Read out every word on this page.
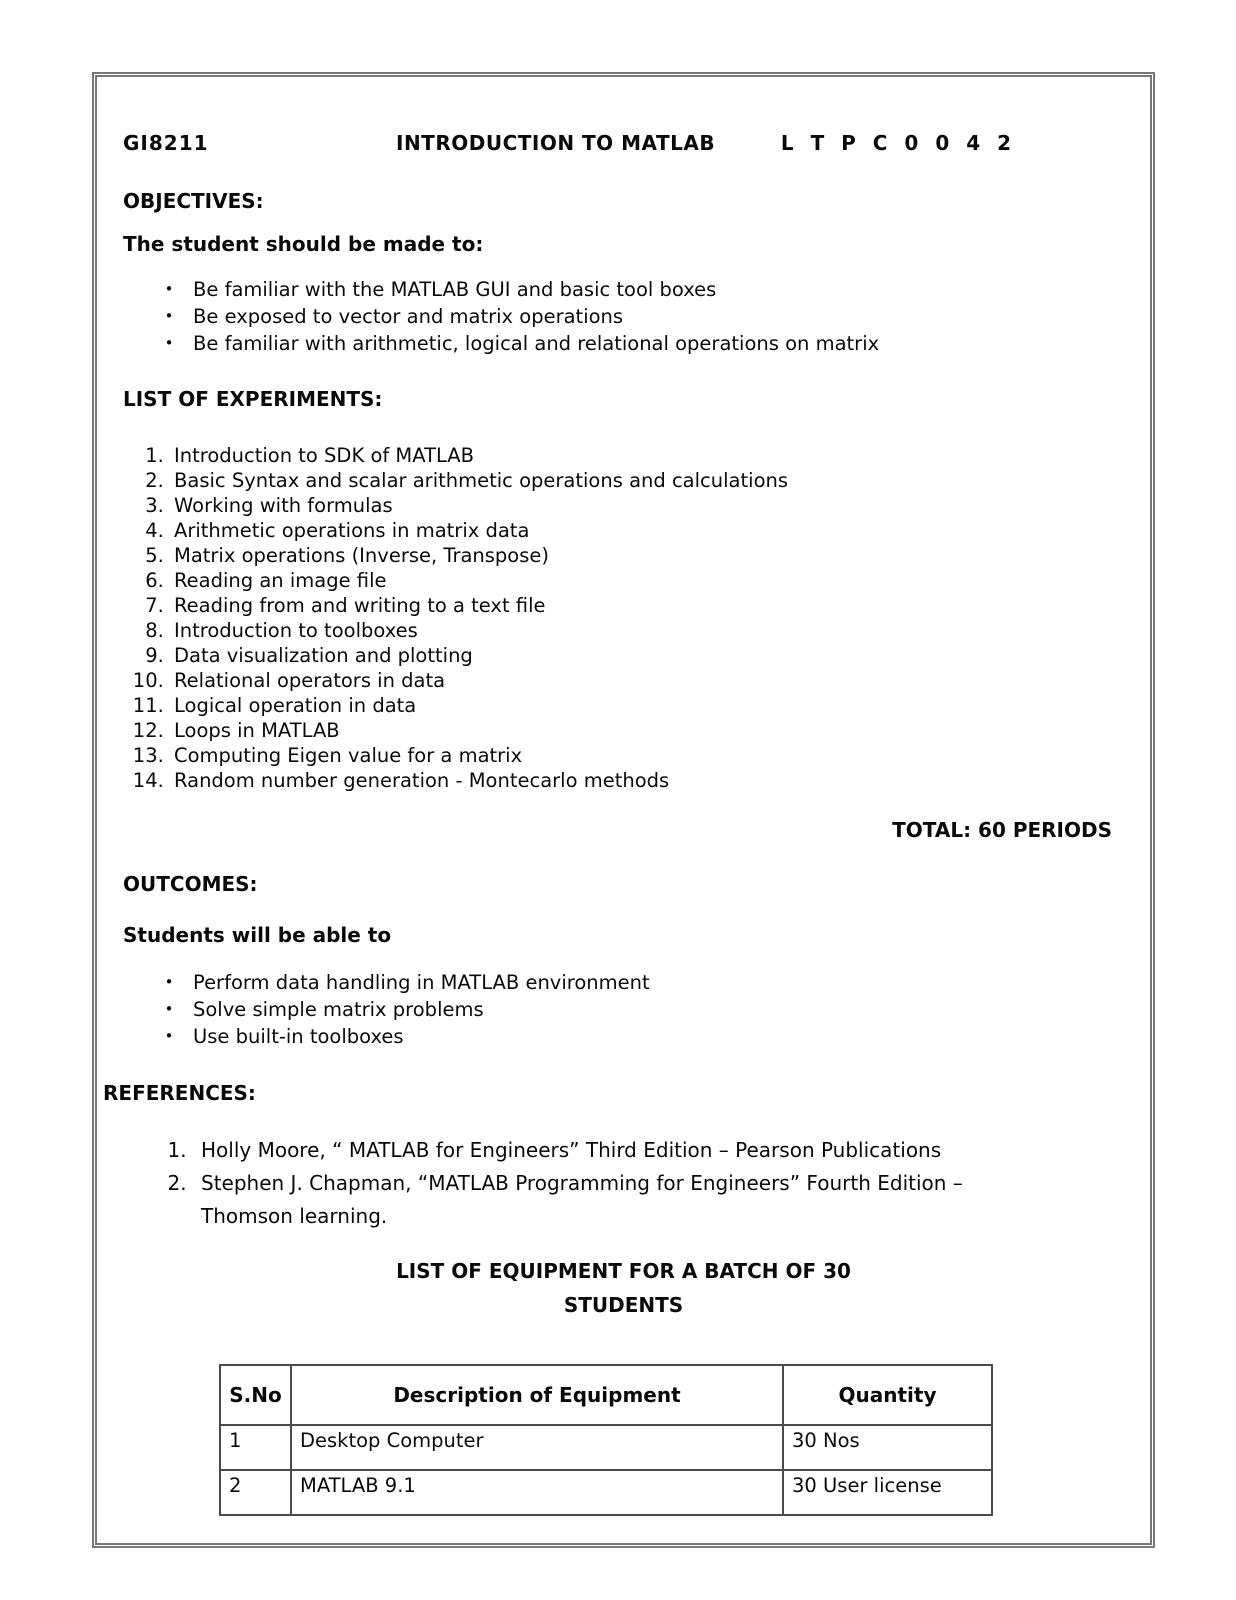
GI8211	INTRODUCTION TO MATLAB	L T P C 0 0 4 2
OBJECTIVES:
The student should be made to:
• Be familiar with the MATLAB GUI and basic tool boxes
• Be exposed to vector and matrix operations
• Be familiar with arithmetic, logical and relational operations on matrix
LIST OF EXPERIMENTS:
1. Introduction to SDK of MATLAB
2. Basic Syntax and scalar arithmetic operations and calculations
3. Working with formulas
4. Arithmetic operations in matrix data
5. Matrix operations (Inverse, Transpose)
6. Reading an image file
7. Reading from and writing to a text file
8. Introduction to toolboxes
9. Data visualization and plotting
10. Relational operators in data
11. Logical operation in data
12. Loops in MATLAB
13. Computing Eigen value for a matrix
14. Random number generation - Montecarlo methods
TOTAL: 60 PERIODS
OUTCOMES:
Students will be able to
• Perform data handling in MATLAB environment
• Solve simple matrix problems
• Use built-in toolboxes
REFERENCES:
1. Holly Moore, “ MATLAB for Engineers” Third Edition – Pearson Publications
2. Stephen J. Chapman, “MATLAB Programming for Engineers” Fourth Edition –
Thomson learning.
LIST OF EQUIPMENT FOR A BATCH OF 30
STUDENTS
S.No	Description of Equipment	Quantity
1	Desktop Computer	30 Nos
2	MATLAB 9.1	30 User license
